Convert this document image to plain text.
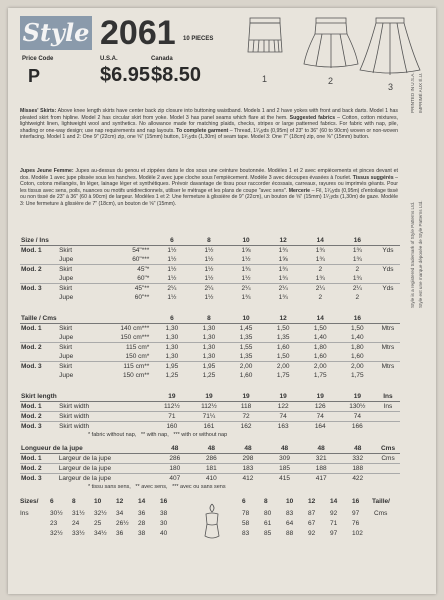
Style 2061 10 PIECES
Price Code
P
U.S.A.
$6.95
Canada
$8.50	1	2
3
Misses' Skirts: Above knee length skirts have center back zip closure into buttoning waistband. Models 1 and 2 have yokes with front and back darts. Model 1 has pleated skirt from hipline. Model 2 has circular skirt from yoke. Model 3 has panel seams which flare at the hem. Suggested fabrics – Cotton, cotton mixtures, lightweight linen, lightweight wool and synthetics. No allowance made for matching plaids, checks, stripes or large patterned fabrics. For fabric with nap, pile, shading or one-way design; use nap requirements and nap layouts. To complete garment – Thread, 1¹⁄₈yds (0,95m) of 23" to 36" (60 to 90cm) woven or non-woven interfacing. Model 1 and 2: One 9" (22cm) zip, one ⅝" (15mm) button, 1¹⁄₂yds (1,30m) of seam tape. Model 3: One 7" (18cm) zip, one ⅝" (15mm) button.
Jupes Jeune Femme: Jupes au-dessus du genou et zippées dans le dos sous une ceinture boutonnée. Modèles 1 et 2 avec empiècements et pinces devant et dos. Modèle 1 avec jupe plissée sous les hanches. Modèle 2 avec jupe cloche sous l'empiècement. Modèle 3 avec découpes évasées à l'ourlet. Tissus suggérés – Coton, cotons mélangés, lin léger, lainage léger et synthétiques. Prévoir davantage de tissu pour raccorder écossais, carreaux, rayures ou imprimés géants. Pour les tissus avec sens, poils, nuances ou motifs unidirectionnels, utiliser le métrage et les plans de coupe "avec sens". Mercerie – Fil, 1¹⁄₈yds (0,95m) d'entoilage tissé ou non tissé de 23" à 36" (60 à 90cm) de largeur. Modèles 1 et 2: Une fermeture à glissière de 9" (22cm), un bouton de ⅝" (15mm) 1¹⁄₂yds (1,30m) de gaze. Modèle 3: Une fermeture à glissière de 7" (18cm), un bouton de ⅝" (15mm).
Size / Ins			6	8	10	12	14	16	
Mod. 1	Skirt	54"***	1½	1½	1⅝	1¾	1¾	1¾	Yds
	Jupe	60"***	1½	1½	1½	1⅝	1¾	1¾	
Mod. 2	Skirt	45"*	1½	1½	1¾	1¾	2	2	Yds
	Jupe	60"*	1½	1½	1½	1¾	1¾	1¾	
Mod. 3	Skirt	45"**	2¼	2¼	2¼	2¼	2¼	2¼	Yds
	Jupe	60"**	1½	1½	1¾	1¾	2	2	
Taille / Cms			6	8	10	12	14	16	
Mod. 1	Skirt	140 cm***	1,30	1,30	1,45	1,50	1,50	1,50	Mtrs
	Jupe	150 cm***	1,30	1,30	1,35	1,35	1,40	1,40	
Mod. 2	Skirt	115 cm*	1,30	1,30	1,55	1,60	1,80	1,80	Mtrs
	Jupe	150 cm*	1,30	1,30	1,35	1,50	1,60	1,60	
Mod. 3	Skirt	115 cm**	1,95	1,95	2,00	2,00	2,00	2,00	Mtrs
	Jupe	150 cm**	1,25	1,25	1,60	1,75	1,75	1,75	
Skirt length			19	19	19	19	19	19	Ins
Mod. 1	Skirt width		112½	112½	118	122	126	130½	Ins
Mod. 2	Skirt width		71	71¼	72	74	74	74	
Mod. 3	Skirt width		160	161	162	163	164	166	
* fabric without nap, ** with nap, *** with or without nap
Longueur de la jupe			48	48	48	48	48	48	Cms
Mod. 1	Largeur de la jupe		286	286	298	309	321	332	Cms
Mod. 2	Largeur de la jupe		180	181	183	185	188	188	
Mod. 3	Largeur de la jupe		407	410	412	415	417	422	
* tissu sans sens, ** avec sens, *** avec ou sans sens
Sizes/ 6	8	10 12 14 16	6	8	10 12 14 16 Taille/
Ins	30½ 31½ 32½ 34 36 38	78 80 83 87 92 97 Cms
23 24 25 26½ 28 30	58 61 64 67 71 76
32½ 33½ 34½ 36 38 40	83 85 88 92 97 102
Style is a registered trademark of Style Patterns Ltd. Style est une marque déposée de Style Patterns Ltd.
PRINTED IN U.S.A. IMPRIMÉ AUX É.U.
